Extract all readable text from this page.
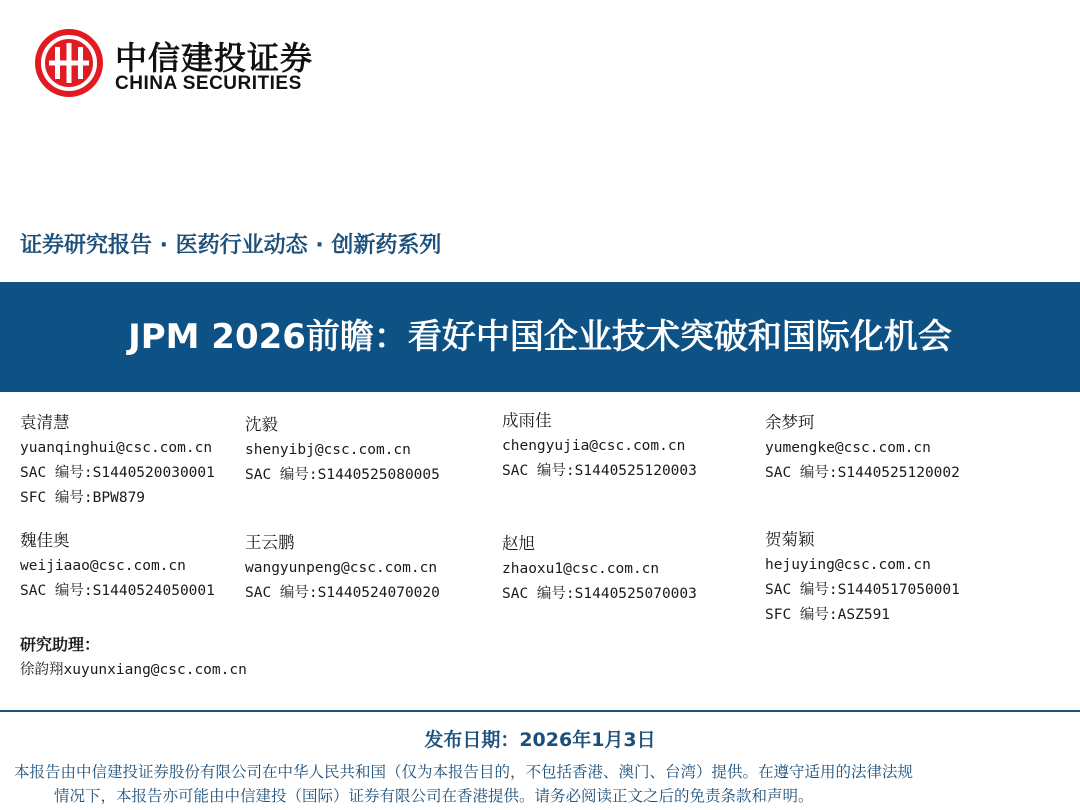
中信建投证券
CHINA SECURITIES
证券研究报告 · 医药行业动态 · 创新药系列
JPM 2026前瞻：看好中国企业技术突破和国际化机会
袁清慧
yuanqinghui@csc.com.cn
SAC 编号:S1440520030001
SFC 编号:BPW879
沈毅
shenyibj@csc.com.cn
SAC 编号:S1440525080005
成雨佳
chengyujia@csc.com.cn
SAC 编号:S1440525120003
余梦珂
yumengke@csc.com.cn
SAC 编号:S1440525120002
魏佳奥
weijiaao@csc.com.cn
SAC 编号:S1440524050001
王云鹏
wangyunpeng@csc.com.cn
SAC 编号:S1440524070020
赵旭
zhaoxu1@csc.com.cn
SAC 编号:S1440525070003
贺菊颖
hejuying@csc.com.cn
SAC 编号:S1440517050001
SFC 编号:ASZ591
研究助理：
徐韵翔xuyunxiang@csc.com.cn
发布日期：2026年1月3日
本报告由中信建投证券股份有限公司在中华人民共和国（仅为本报告目的，不包括香港、澳门、台湾）提供。在遵守适用的法律法规
情况下，本报告亦可能由中信建投（国际）证券有限公司在香港提供。请务必阅读正文之后的免责条款和声明。
